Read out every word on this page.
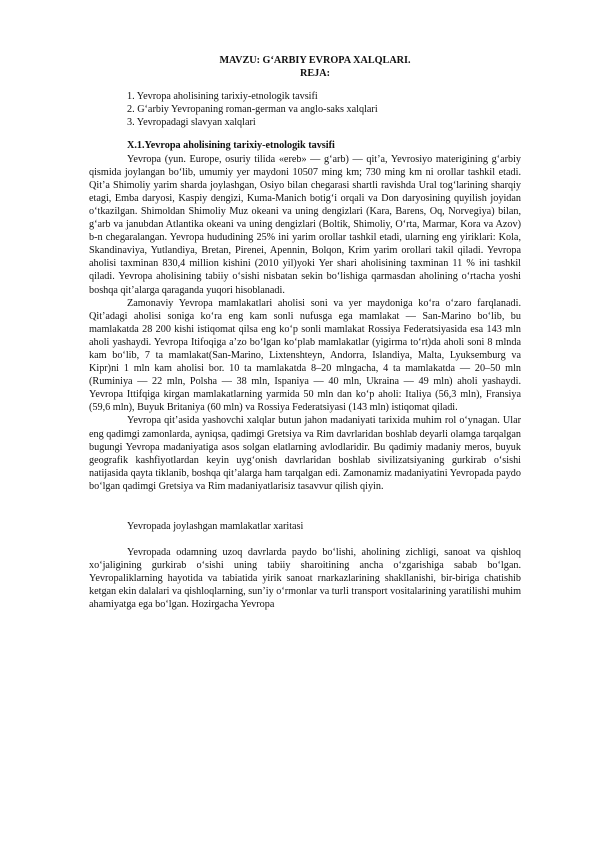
MAVZU: G‘ARBIY EVROPA XALQLARI.

REJA:

1. Yevropa aholisining tarixiy-etnologik tavsifi
2. G‘arbiy Yevropaning roman-german va anglo-saks xalqlari
3. Yevropadagi slavyan xalqlari

X.1.Yevropa aholisining tarixiy-etnologik tavsifi

Yevropa (yun. Europe, osuriy tilida «ereb» — g‘arb) — qit’a, Yevrosiyo materigining g‘arbiy qismida joylangan bo‘lib, umumiy yer maydoni 10507 ming km; 730 ming km ni orollar tashkil etadi. Qit’a Shimoliy yarim sharda joylashgan, Osiyo bilan chegarasi shartli ravishda Ural tog‘larining sharqiy etagi, Emba daryosi, Kaspiy dengizi, Kuma-Manich botig‘i orqali va Don daryosining quyilish joyidan o‘tkazilgan. Shimoldan Shimoliy Muz okeani va uning dengizlari (Kara, Barens, Oq, Norvegiya) bilan, g‘arb va janubdan Atlantika okeani va uning dengizlari (Boltik, Shimoliy, O‘rta, Marmar, Kora va Azov) b-n chegaralangan. Yevropa hududining 25% ini yarim orollar tashkil etadi, ularning eng yiriklari: Kola, Skandinaviya, Yutlandiya, Bretan, Pirenei, Apennin, Bolqon, Krim yarim orollari takil qiladi. Yevropa aholisi taxminan 830,4 million kishini (2010 yil)yoki Yer shari aholisining taxminan 11 % ini tashkil qiladi. Yevropa aholisining tabiiy o‘sishi nisbatan sekin bo‘lishiga qarmasdan aholining o‘rtacha yoshi boshqa qit’alarga qaraganda yuqori hisoblanadi.

Zamonaviy Yevropa mamlakatlari aholisi soni va yer maydoniga ko‘ra o‘zaro farqlanadi. Qit’adagi aholisi soniga ko‘ra eng kam sonli nufusga ega mamlakat — San-Marino bo‘lib, bu mamlakatda 28 200 kishi istiqomat qilsa eng ko‘p sonli mamlakat Rossiya Federatsiyasida esa 143 mln aholi yashaydi. Yevropa Itifoqiga a’zo bo‘lgan ko‘plab mamlakatlar (yigirma to‘rt)da aholi soni 8 mlnda kam bo‘lib, 7 ta mamlakat(San-Marino, Lixtenshteyn, Andorra, Islandiya, Malta, Lyuksemburg va Kipr)ni 1 mln kam aholisi bor. 10 ta mamlakatda 8–20 mlngacha, 4 ta mamlakatda — 20–50 mln (Ruminiya — 22 mln, Polsha — 38 mln, Ispaniya — 40 mln, Ukraina — 49 mln) aholi yashaydi. Yevropa Ittifqiga kirgan mamlakatlarning yarmida 50 mln dan ko‘p aholi: Italiya (56,3 mln), Fransiya (59,6 mln), Buyuk Britaniya (60 mln) va Rossiya Federatsiyasi (143 mln) istiqomat qiladi.

Yevropa qit’asida yashovchi xalqlar butun jahon madaniyati tarixida muhim rol o‘ynagan. Ular eng qadimgi zamonlarda, ayniqsa, qadimgi Gretsiya va Rim davrlaridan boshlab deyarli olamga tarqalgan bugungi Yevropa madaniyatiga asos solgan elatlarning avlodlaridir. Bu qadimiy madaniy meros, buyuk geografik kashfiyotlardan keyin uyg‘onish davrlaridan boshlab sivilizatsiyaning gurkirab o‘sishi natijasida qayta tiklanib, boshqa qit’alarga ham tarqalgan edi. Zamonamiz madaniyatini Yevropada paydo bo‘lgan qadimgi Gretsiya va Rim madaniyatlarisiz tasavvur qilish qiyin.

Yevropada joylashgan mamlakatlar xaritasi

Yevropada odamning uzoq davrlarda paydo bo‘lishi, aholining zichligi, sanoat va qishloq xo‘jaligining gurkirab o‘sishi uning tabiiy sharoitining ancha o‘zgarishiga sabab bo‘lgan. Yevropaliklarning hayotida va tabiatida yirik sanoat rnarkazlarining shakllanishi, bir-biriga chatishib ketgan ekin dalalari va qishloqlarning, sun’iy o‘rmonlar va turli transport vositalarining yaratilishi muhim ahamiyatga ega bo‘lgan. Hozirgacha Yevropa
